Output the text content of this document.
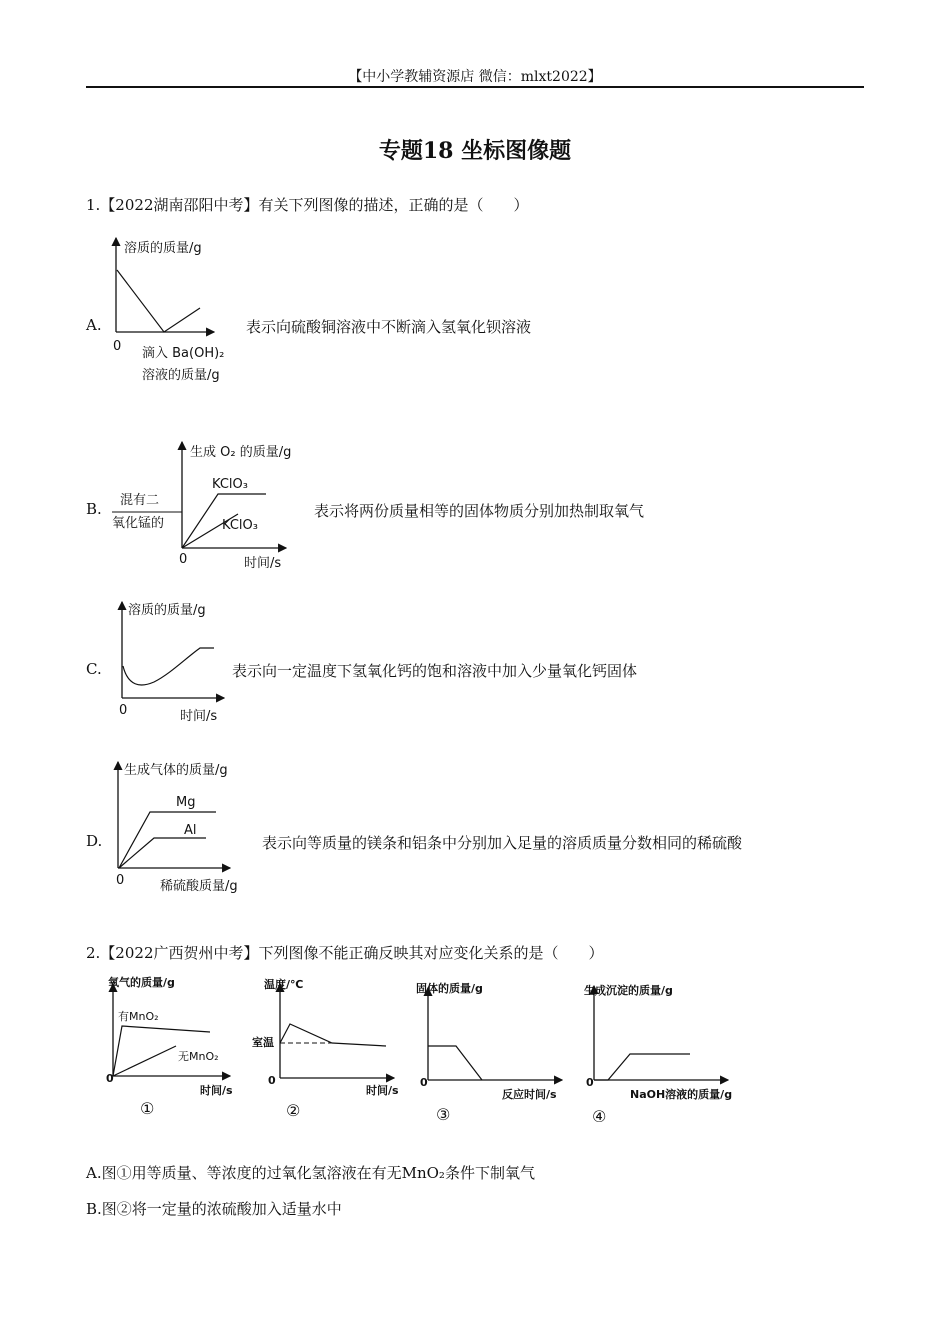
【中小学教辅资源店 微信：mlxt2022】
专题18 坐标图像题
1.【2022湖南邵阳中考】有关下列图像的描述，正确的是（　　）
A.
溶质的质量/g
0 滴入 Ba(OH)₂
溶液的质量/g
表示向硫酸铜溶液中不断滴入氢氧化钡溶液
B.
生成 O₂ 的质量/g
KClO₃
KClO₃
混有二
氧化锰的
0	时间/s
表示将两份质量相等的固体物质分别加热制取氧气
C.
溶质的质量/g
0	时间/s
表示向一定温度下氢氧化钙的饱和溶液中加入少量氧化钙固体
D.
生成气体的质量/g
Mg
Al
0	稀硫酸质量/g
表示向等质量的镁条和铝条中分别加入足量的溶质质量分数相同的稀硫酸
2.【2022广西贺州中考】下列图像不能正确反映其对应变化关系的是（　　）
氧气的质量/g
有MnO₂
无MnO₂
0
时间/s
①
温度/℃
室温
0
时间/s
②
固体的质量/g
0
反应时间/s
③
生成沉淀的质量/g
0
NaOH溶液的质量/g
④
A.图①用等质量、等浓度的过氧化氢溶液在有无MnO₂条件下制氧气
B.图②将一定量的浓硫酸加入适量水中
